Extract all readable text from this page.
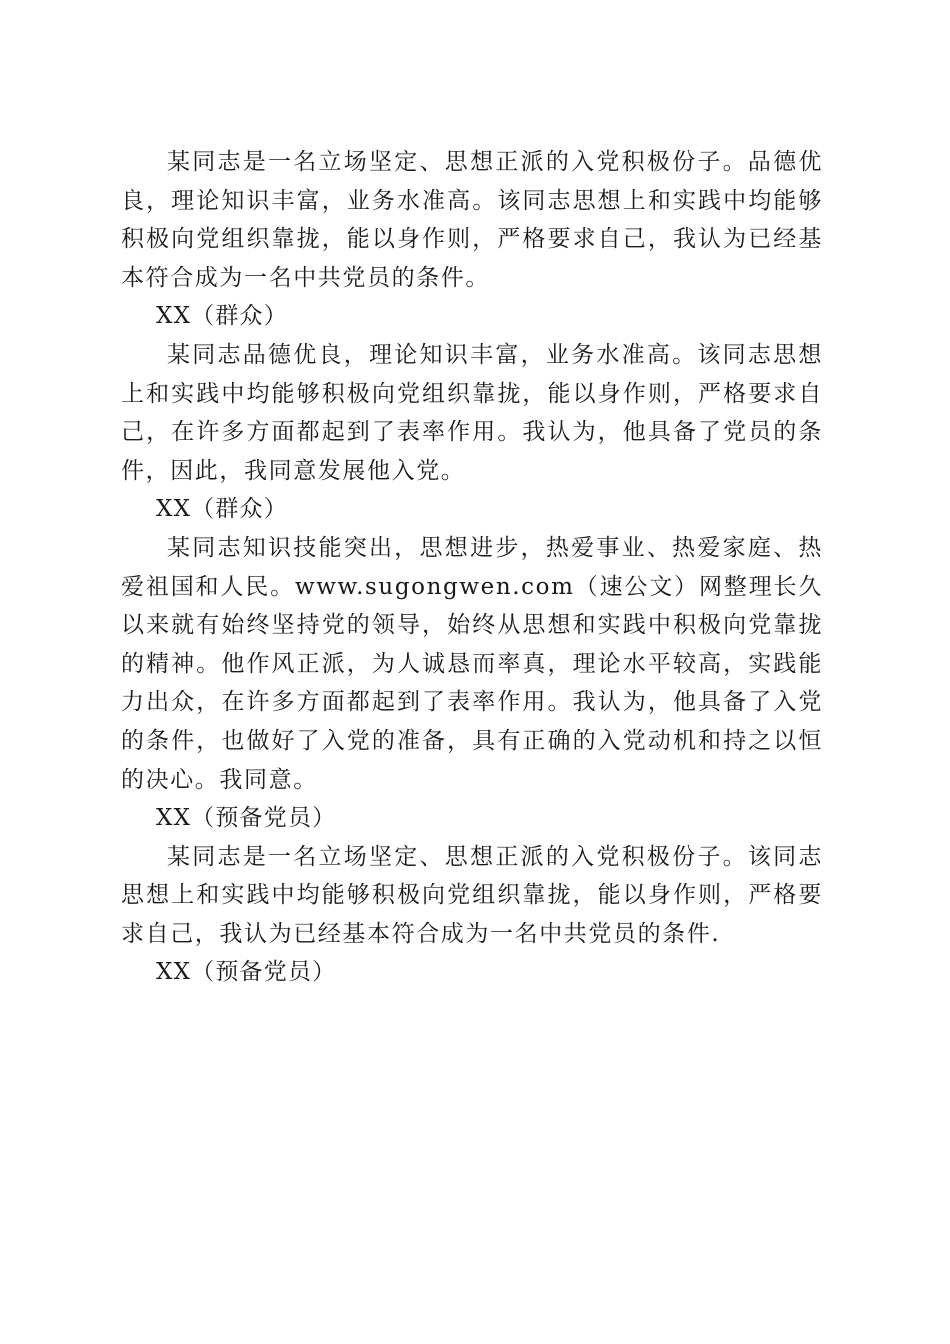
某同志是一名立场坚定、思想正派的入党积极份子。品德优良，理论知识丰富，业务水准高。该同志思想上和实践中均能够积极向党组织靠拢，能以身作则，严格要求自己，我认为已经基本符合成为一名中共党员的条件。

XX（群众）

某同志品德优良，理论知识丰富，业务水准高。该同志思想上和实践中均能够积极向党组织靠拢，能以身作则，严格要求自己，在许多方面都起到了表率作用。我认为，他具备了党员的条件，因此，我同意发展他入党。

XX（群众）

某同志知识技能突出，思想进步，热爱事业、热爱家庭、热爱祖国和人民。www.sugongwen.com（速公文）网整理长久以来就有始终坚持党的领导，始终从思想和实践中积极向党靠拢的精神。他作风正派，为人诚恳而率真，理论水平较高，实践能力出众，在许多方面都起到了表率作用。我认为，他具备了入党的条件，也做好了入党的准备，具有正确的入党动机和持之以恒的决心。我同意。

XX（预备党员）

某同志是一名立场坚定、思想正派的入党积极份子。该同志思想上和实践中均能够积极向党组织靠拢，能以身作则，严格要求自己，我认为已经基本符合成为一名中共党员的条件.

XX（预备党员）
